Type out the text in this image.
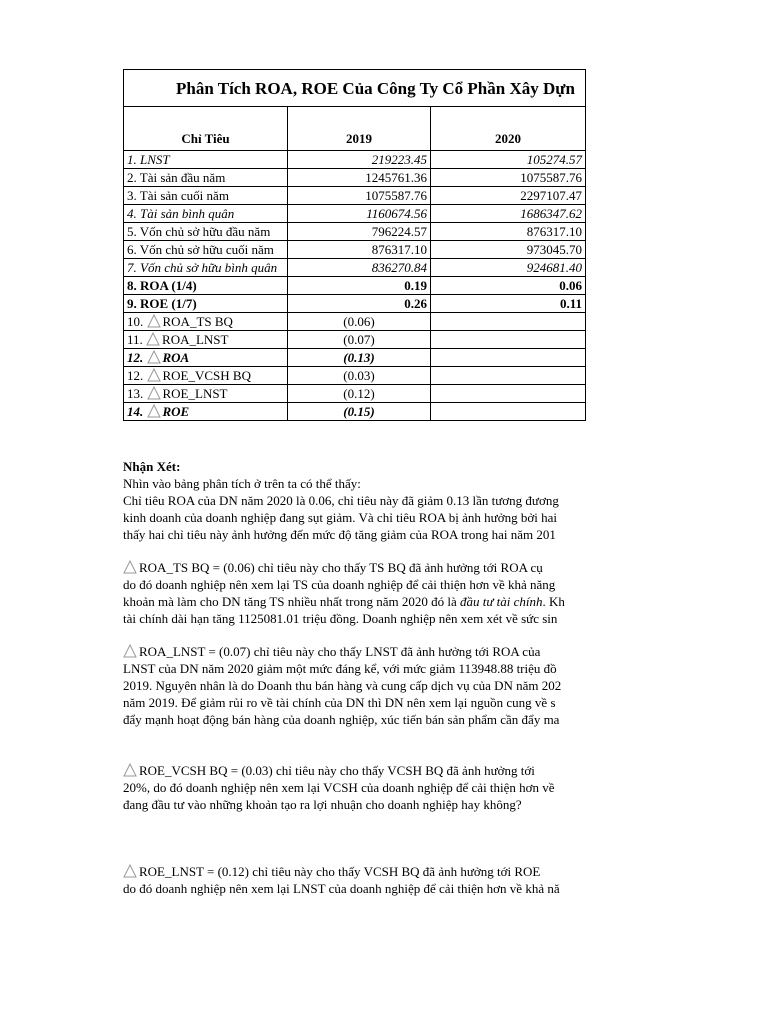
Phân Tích ROA, ROE Của Công Ty Cổ Phần Xây Dựn		
Chỉ Tiêu	2019	2020
1. LNST	219223.45	105274.57
2. Tài sản đầu năm	1245761.36	1075587.76
3. Tài sản cuối năm	1075587.76	2297107.47
4. Tài sản bình quân	1160674.56	1686347.62
5. Vốn chủ sở hữu đầu năm	796224.57	876317.10
6. Vốn chủ sở hữu cuối năm	876317.10	973045.70
7. Vốn chủ sở hữu bình quân	836270.84	924681.40
8. ROA (1/4)	0.19	0.06
9. ROE (1/7)	0.26	0.11
10. ROA_TS BQ	(0.06)	
11. ROA_LNST	(0.07)	
12. ROA	(0.13)	
12. ROE_VCSH BQ	(0.03)	
13. ROE_LNST	(0.12)	
14. ROE	(0.15)	

Nhận Xét:

Nhìn vào bảng phân tích ở trên ta có thể thấy:

Chỉ tiêu ROA của DN năm 2020 là 0.06, chỉ tiêu này đã giảm 0.13 lần tương đương

kinh doanh của doanh nghiệp đang sụt giảm. Và chỉ tiêu ROA bị ảnh hưởng bởi hai

thấy hai chỉ tiêu này ảnh hưởng đến mức độ tăng giảm của ROA trong hai năm 201

ROA_TS BQ = (0.06) chỉ tiêu này cho thấy TS BQ đã ảnh hưởng tới ROA cụ

do đó doanh nghiệp nên xem lại TS của doanh nghiệp để cải thiện hơn về khả năng

khoản mà làm cho DN tăng TS nhiều nhất trong năm 2020 đó là đầu tư tài chính. Kh

tài chính dài hạn tăng 1125081.01 triệu đồng. Doanh nghiệp nên xem xét về sức sin

ROA_LNST = (0.07) chỉ tiêu này cho thấy LNST đã ảnh hưởng tới ROA của

LNST của DN năm 2020 giảm một mức đáng kể, với mức giảm 113948.88 triệu đồ

2019. Nguyên nhân là do Doanh thu bán hàng và cung cấp dịch vụ của DN năm 202

năm 2019. Để giảm rủi ro về tài chính của DN thì DN nên xem lại nguồn cung về s

đẩy mạnh hoạt động bán hàng của doanh nghiệp, xúc tiến bán sản phẩm cần đẩy ma

ROE_VCSH BQ = (0.03) chỉ tiêu này cho thấy VCSH BQ đã ảnh hưởng tới

20%, do đó doanh nghiệp nên xem lại VCSH của doanh nghiệp để cải thiện hơn về

đang đầu tư vào những khoản tạo ra lợi nhuận cho doanh nghiệp hay không?

ROE_LNST = (0.12) chỉ tiêu này cho thấy VCSH BQ đã ảnh hưởng tới ROE

do đó doanh nghiệp nên xem lại LNST của doanh nghiệp để cải thiện hơn về khả nă
